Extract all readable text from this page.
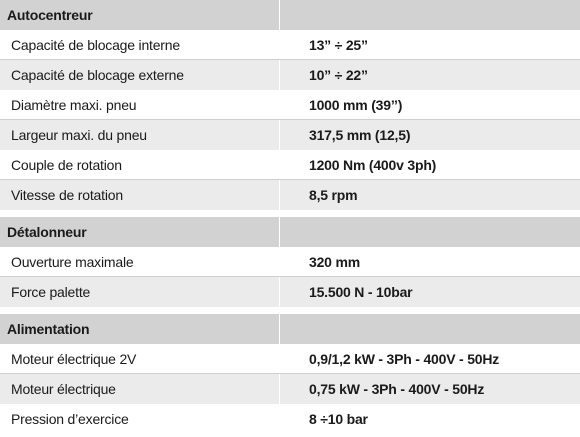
Autocentreur
Capacité de blocage interne	13” ÷ 25”
Capacité de blocage externe	10” ÷ 22”
Diamètre maxi. pneu	1000 mm (39’’)
Largeur maxi. du pneu	317,5 mm (12,5)
Couple de rotation	1200 Nm (400v 3ph)
Vitesse de rotation	8,5 rpm
Détalonneur
Ouverture maximale	320 mm
Force palette	15.500 N - 10bar
Alimentation
Moteur électrique 2V	0,9/1,2 kW - 3Ph - 400V - 50Hz
Moteur électrique	0,75 kW - 3Ph - 400V - 50Hz
Pression d’exercice	8 ÷10 bar
